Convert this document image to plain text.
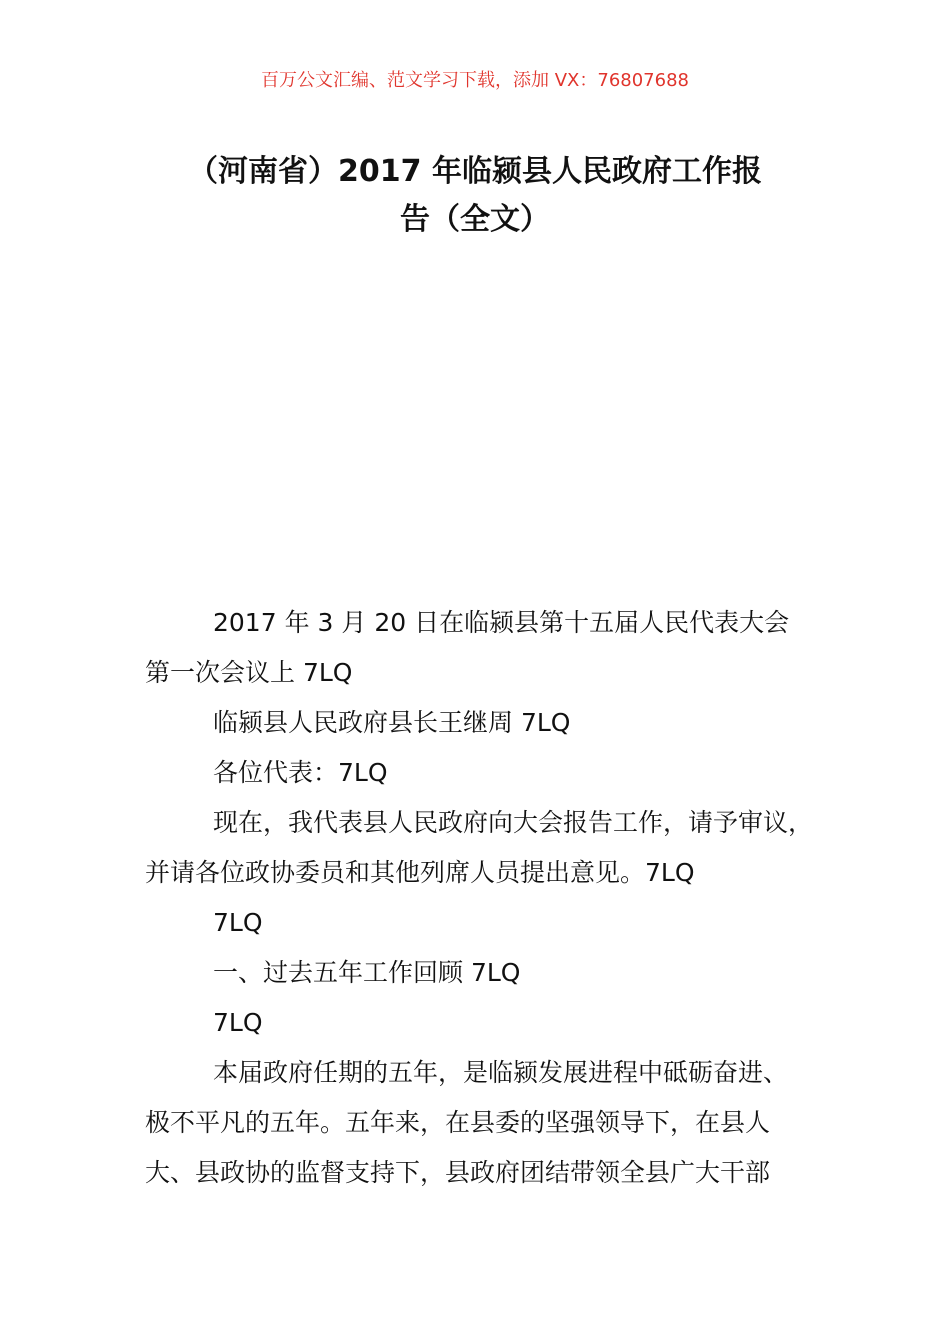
百万公文汇编、范文学习下载，添加 VX：76807688
（河南省）2017 年临颍县人民政府工作报
告（全文）

2017 年 3 月 20 日在临颍县第十五届人民代表大会
第一次会议上 7LQ

临颍县人民政府县长王继周 7LQ

各位代表：7LQ

现在，我代表县人民政府向大会报告工作，请予审议，
并请各位政协委员和其他列席人员提出意见。7LQ

7LQ

一、过去五年工作回顾 7LQ

7LQ

本届政府任期的五年，是临颍发展进程中砥砺奋进、
极不平凡的五年。五年来，在县委的坚强领导下，在县人
大、县政协的监督支持下，县政府团结带领全县广大干部
